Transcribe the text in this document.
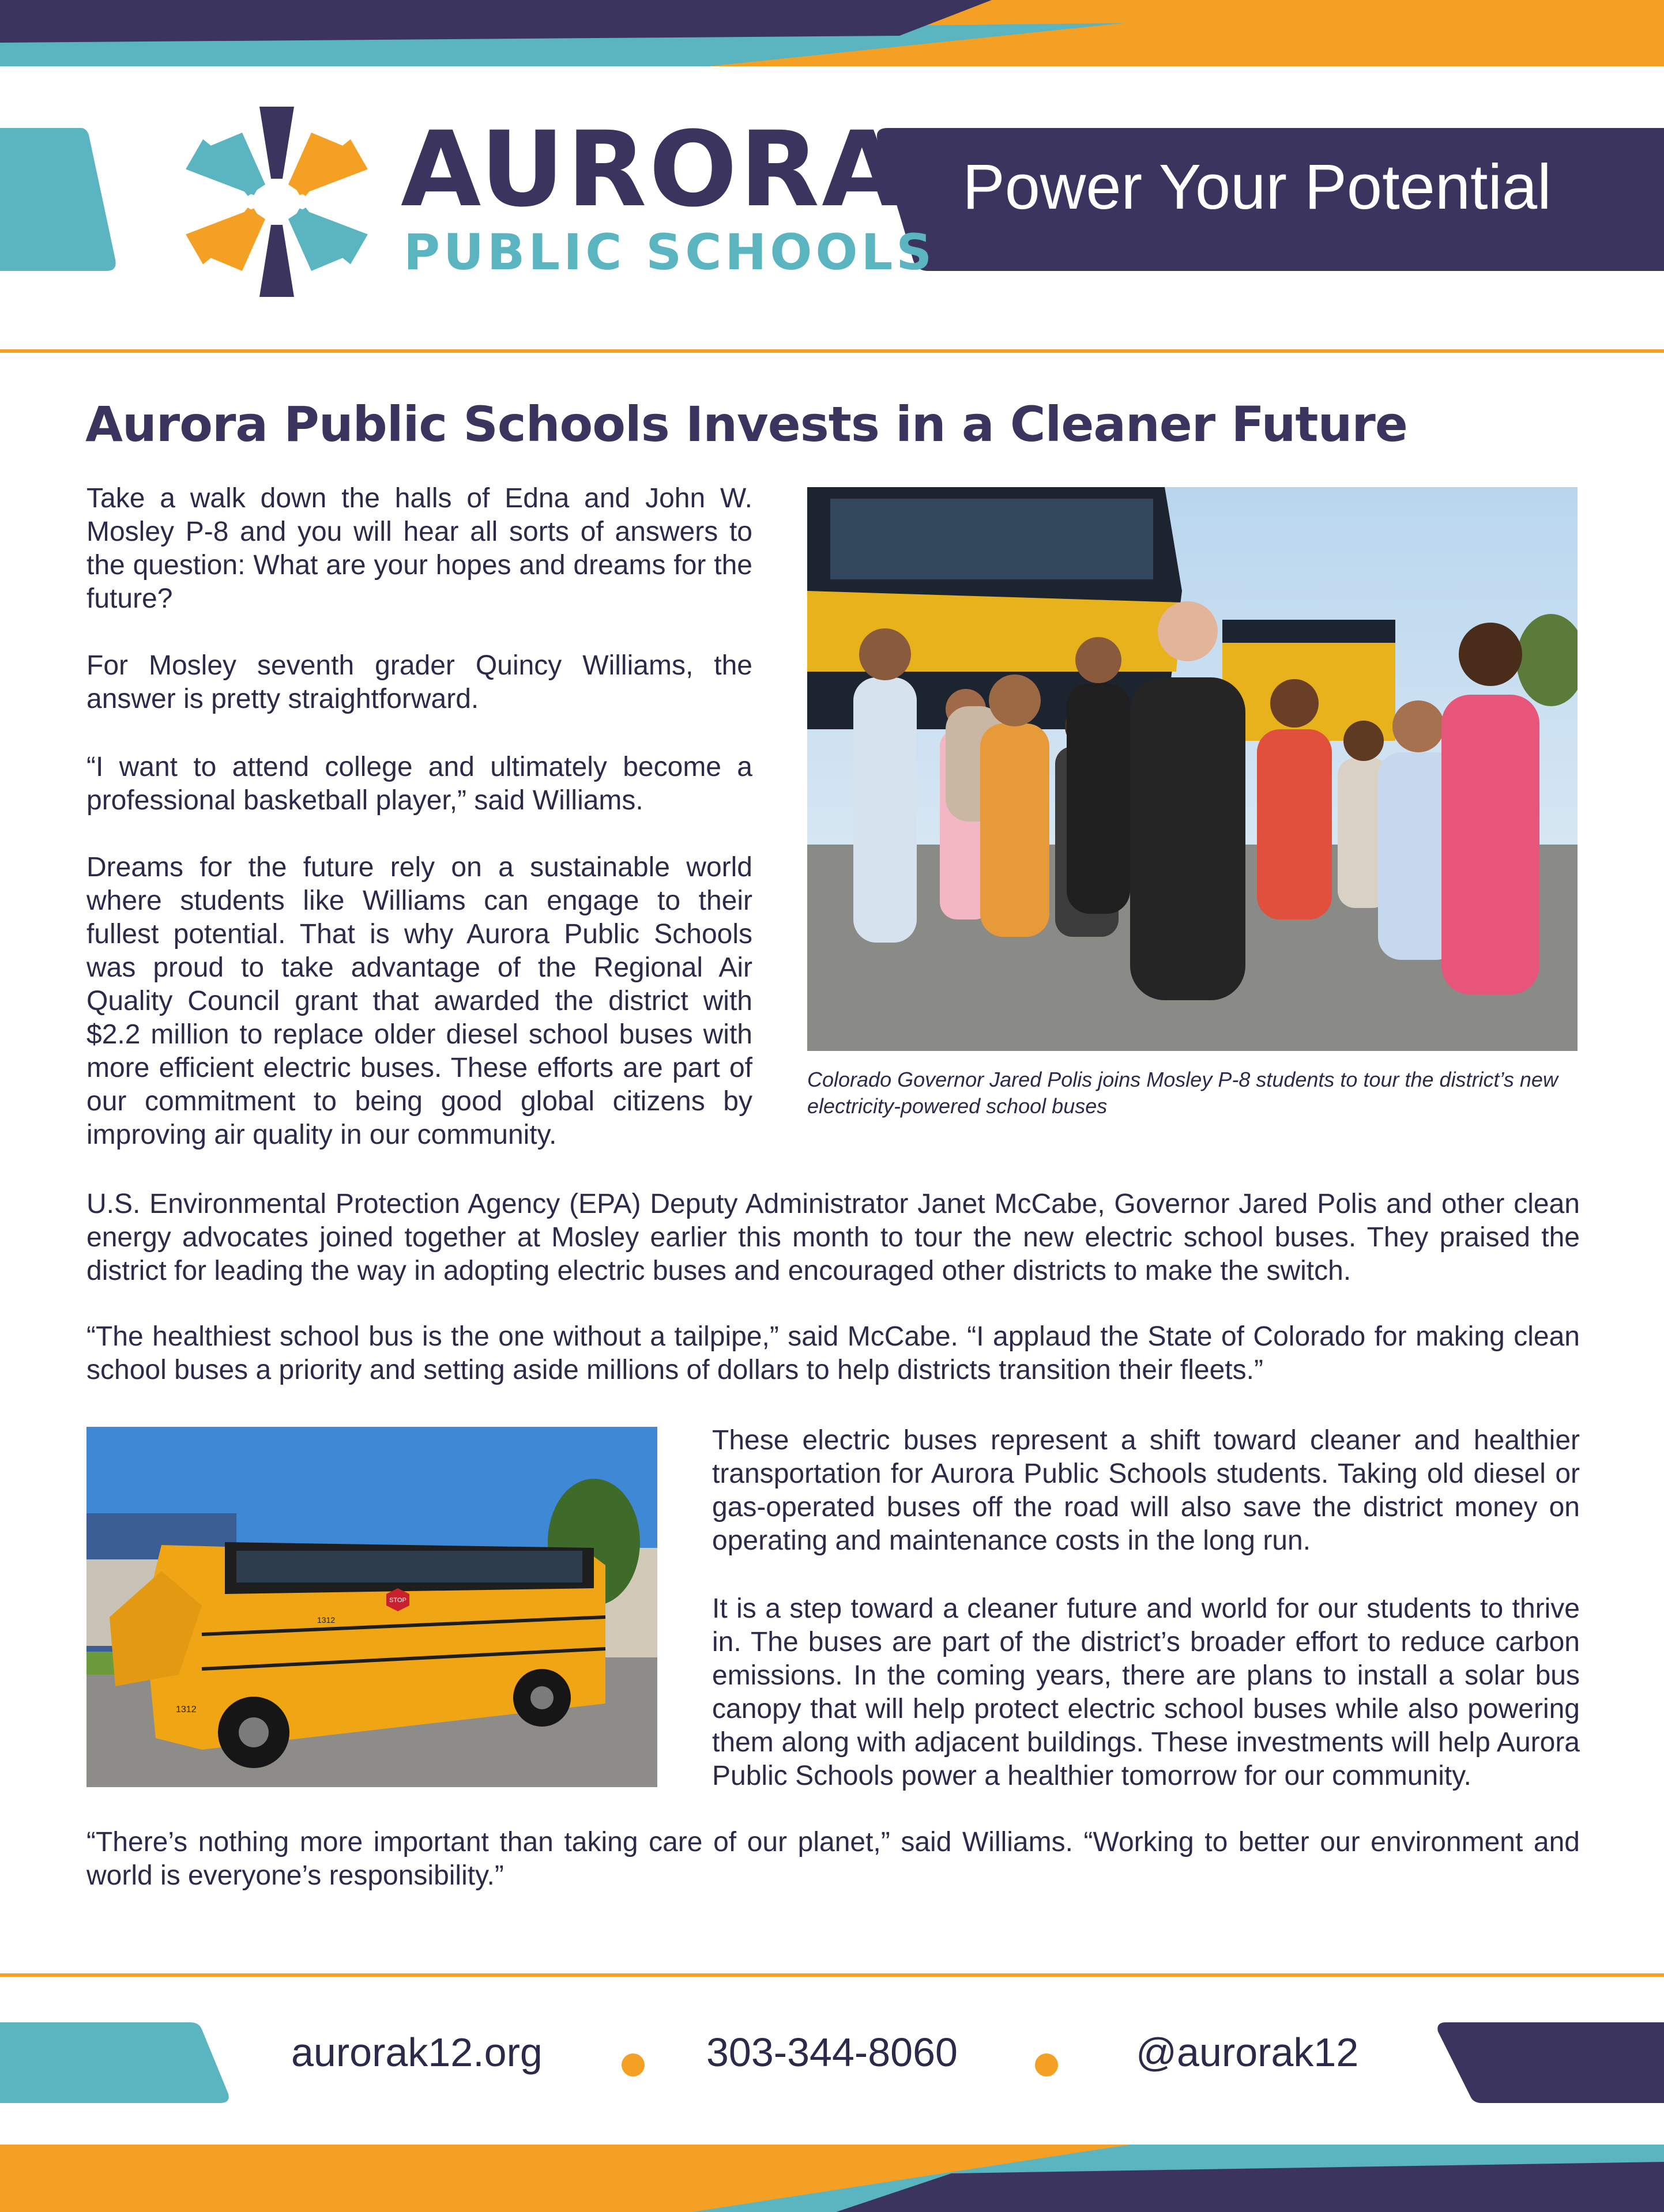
Power Your Potential
AURORA
PUBLIC SCHOOLS
Aurora Public Schools Invests in a Cleaner Future

Take a walk down the halls of Edna and John W. Mosley P-8 and you will hear all sorts of answers to the question: What are your hopes and dreams for the future?

For Mosley seventh grader Quincy Williams, the answer is pretty straightforward.

“I want to attend college and ultimately become a professional basketball player,” said Williams.

Dreams for the future rely on a sustainable world where students like Williams can engage to their fullest potential. That is why Aurora Public Schools was proud to take advantage of the Regional Air Quality Council grant that awarded the district with $2.2 million to replace older diesel school buses with more efficient electric buses. These efforts are part of our commitment to being good global citizens by improving air quality in our community.

Colorado Governor Jared Polis joins Mosley P-8 students to tour the district’s new electricity-powered school buses

U.S. Environmental Protection Agency (EPA) Deputy Administrator Janet McCabe, Governor Jared Polis and other clean energy advocates joined together at Mosley earlier this month to tour the new electric school buses. They praised the district for leading the way in adopting electric buses and encouraged other districts to make the switch.

“The healthiest school bus is the one without a tailpipe,” said McCabe. “I applaud the State of Colorado for making clean school buses a priority and setting aside millions of dollars to help districts transition their fleets.”

STOP
1312
1312

These electric buses represent a shift toward cleaner and healthier transportation for Aurora Public Schools students. Taking old diesel or gas-operated buses off the road will also save the district money on operating and maintenance costs in the long run.

It is a step toward a cleaner future and world for our students to thrive in. The buses are part of the district’s broader effort to reduce carbon emissions. In the coming years, there are plans to install a solar bus canopy that will help protect electric school buses while also powering them along with adjacent buildings. These investments will help Aurora Public Schools power a healthier tomorrow for our community.

“There’s nothing more important than taking care of our planet,” said Williams. “Working to better our environment and world is everyone’s responsibility.”

aurorak12.org	303-344-8060	@aurorak12
